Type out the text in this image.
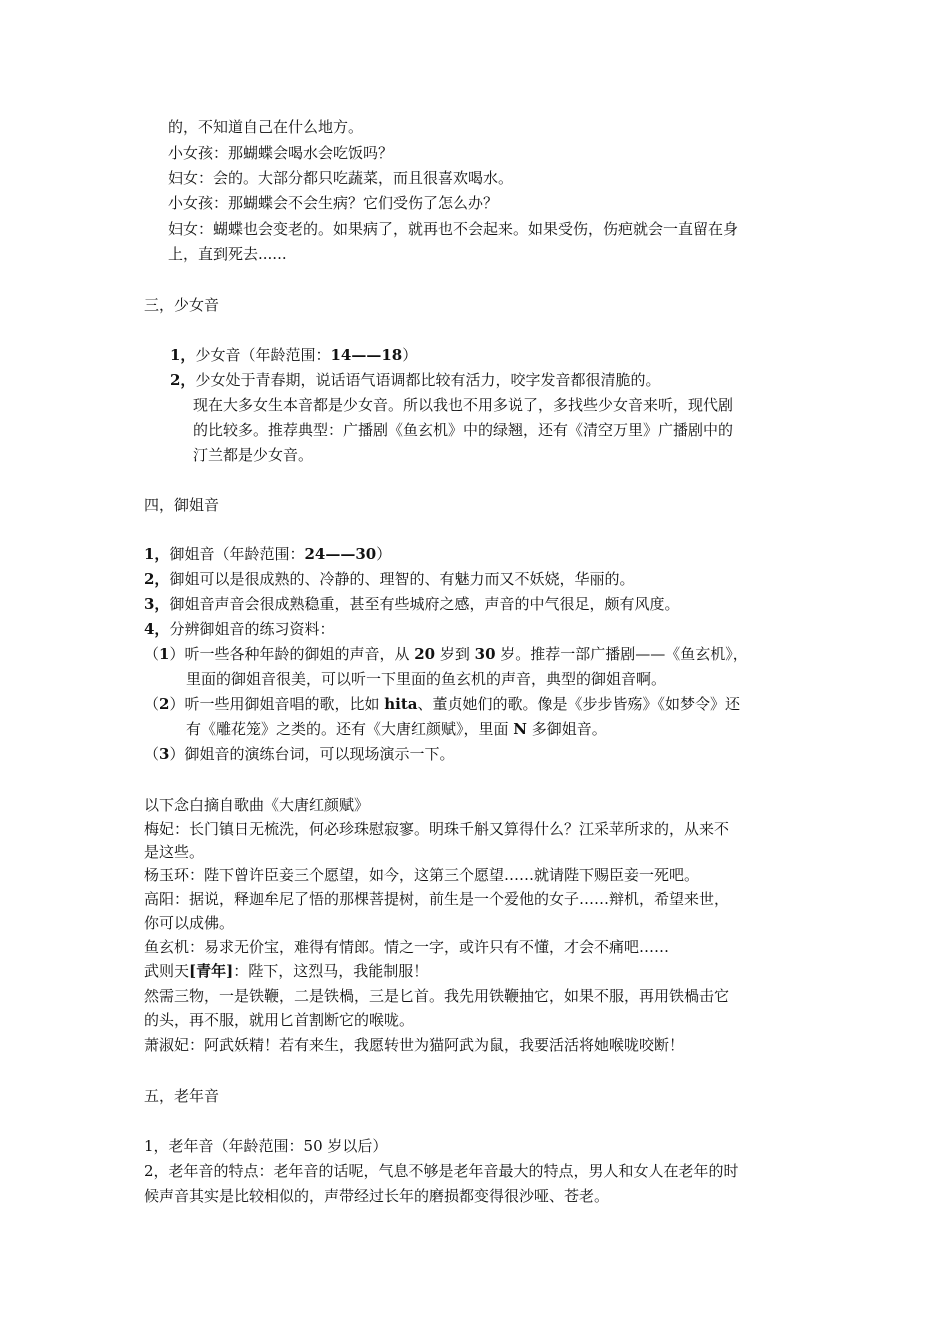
的，不知道自己在什么地方。
小女孩：那蝴蝶会喝水会吃饭吗？
妇女：会的。大部分都只吃蔬菜，而且很喜欢喝水。
小女孩：那蝴蝶会不会生病？它们受伤了怎么办？
妇女：蝴蝶也会变老的。如果病了，就再也不会起来。如果受伤，伤疤就会一直留在身
上，直到死去......
三，少女音
1，少女音（年龄范围：14——18）
2，少女处于青春期，说话语气语调都比较有活力，咬字发音都很清脆的。
现在大多女生本音都是少女音。所以我也不用多说了，多找些少女音来听，现代剧
的比较多。推荐典型：广播剧《鱼玄机》中的绿翘，还有《清空万里》广播剧中的
汀兰都是少女音。
四，御姐音
1，御姐音（年龄范围：24——30）
2，御姐可以是很成熟的、冷静的、理智的、有魅力而又不妖娆，华丽的。
3，御姐音声音会很成熟稳重，甚至有些城府之感，声音的中气很足，颇有风度。
4，分辨御姐音的练习资料：
（1）听一些各种年龄的御姐的声音，从 20 岁到 30 岁。推荐一部广播剧——《鱼玄机》，
里面的御姐音很美，可以听一下里面的鱼玄机的声音，典型的御姐音啊。
（2）听一些用御姐音唱的歌，比如 hita、董贞她们的歌。像是《步步皆殇》《如梦令》还
有《雕花笼》之类的。还有《大唐红颜赋》，里面 N 多御姐音。
（3）御姐音的演练台词，可以现场演示一下。
以下念白摘自歌曲《大唐红颜赋》
梅妃：长门镇日无梳洗，何必珍珠慰寂寥。明珠千斛又算得什么？江采苹所求的，从来不
是这些。
杨玉环：陛下曾许臣妾三个愿望，如今，这第三个愿望……就请陛下赐臣妾一死吧。
高阳：据说，释迦牟尼了悟的那棵菩提树，前生是一个爱他的女子……辩机，希望来世，
你可以成佛。
鱼玄机：易求无价宝，难得有情郎。情之一字，或许只有不懂，才会不痛吧……
武则天[青年]：陛下，这烈马，我能制服！
然需三物，一是铁鞭，二是铁楇，三是匕首。我先用铁鞭抽它，如果不服，再用铁楇击它
的头，再不服，就用匕首割断它的喉咙。
萧淑妃：阿武妖精！若有来生，我愿转世为猫阿武为鼠，我要活活将她喉咙咬断！
五，老年音
1，老年音（年龄范围：50 岁以后）
2，老年音的特点：老年音的话呢，气息不够是老年音最大的特点，男人和女人在老年的时
候声音其实是比较相似的，声带经过长年的磨损都变得很沙哑、苍老。
